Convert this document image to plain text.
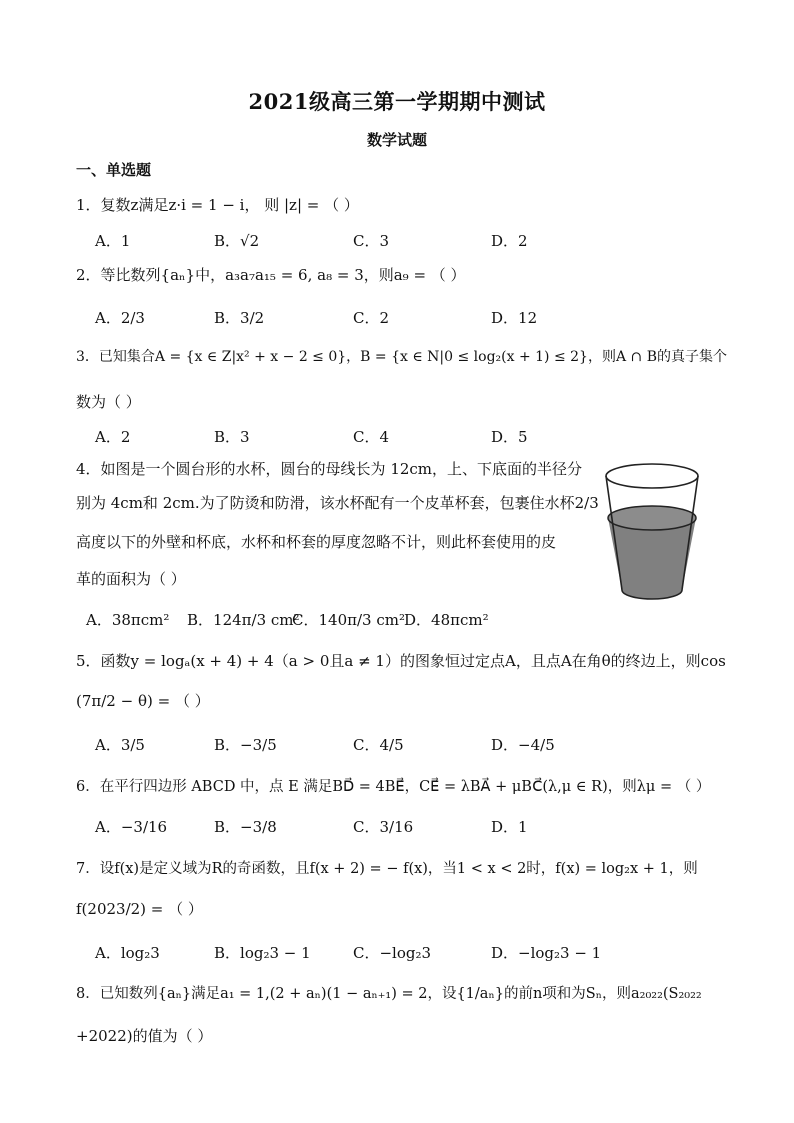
2021级高三第一学期期中测试
数学试题
一、单选题
1．复数z满足z·i = 1 − i， 则 |z| = （ ）
A．1	B．√2	C．3	D．2
2．等比数列{aₙ}中，a₃a₇a₁₅ = 6, a₈ = 3，则a₉ = （ ）
A．2/3	B．3/2	C．2	D．12
3．已知集合A = {x ∈ Z|x² + x − 2 ≤ 0}，B = {x ∈ N|0 ≤ log₂(x + 1) ≤ 2}，则A ∩ B的真子集个
数为（ ）
A．2	B．3	C．4	D．5
4．如图是一个圆台形的水杯，圆台的母线长为 12cm，上、下底面的半径分
别为 4cm和 2cm.为了防烫和防滑，该水杯配有一个皮革杯套，包裹住水杯2/3
高度以下的外壁和杯底，水杯和杯套的厚度忽略不计，则此杯套使用的皮
革的面积为（ ）
A．38πcm² B．124π/3 cm²
C．140π/3 cm² D．48πcm²
5．函数y = logₐ(x + 4) + 4（a > 0且a ≠ 1）的图象恒过定点A，且点A在角θ的终边上，则cos
(7π/2 − θ) = （ ）
A．3/5	B．−3/5	C．4/5	D．−4/5
6．在平行四边形 ABCD 中，点 E 满足BD⃗ = 4BE⃗，CE⃗ = λBA⃗ + μBC⃗(λ,μ ∈ R)，则λμ = （ ）
A．−3/16	B．−3/8	C．3/16	D．1
7．设f(x)是定义域为R的奇函数，且f(x + 2) = − f(x)，当1 < x < 2时，f(x) = log₂x + 1，则
f(2023/2) = （ ）
A．log₂3	B．log₂3 − 1	C．−log₂3	D．−log₂3 − 1
8．已知数列{aₙ}满足a₁ = 1,(2 + aₙ)(1 − aₙ₊₁) = 2，设{1/aₙ}的前n项和为Sₙ，则a₂₀₂₂(S₂₀₂₂
+2022)的值为（ ）
